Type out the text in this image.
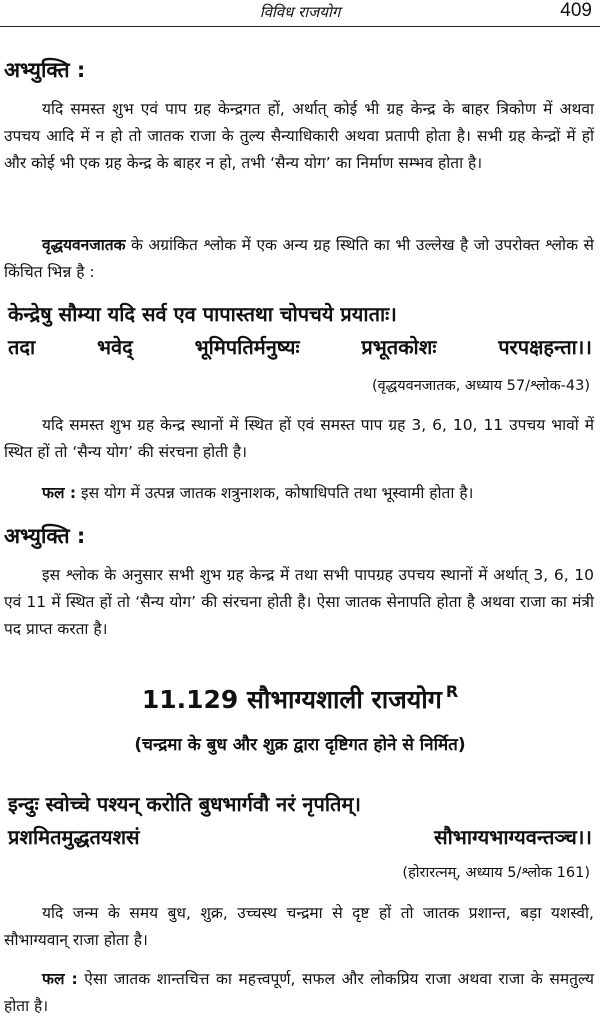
विविध राजयोग	409
अभ्युक्ति :
यदि समस्त शुभ एवं पाप ग्रह केन्द्रगत हों, अर्थात् कोई भी ग्रह केन्द्र के बाहर त्रिकोण में अथवा उपचय आदि में न हो तो जातक राजा के तुल्य सैन्याधिकारी अथवा प्रतापी होता है। सभी ग्रह केन्द्रों में हों और कोई भी एक ग्रह केन्द्र के बाहर न हो, तभी ‘सैन्य योग’ का निर्माण सम्भव होता है।
वृद्धयवनजातक के अग्रांकित श्लोक में एक अन्य ग्रह स्थिति का भी उल्लेख है जो उपरोक्त श्लोक से किंचित भिन्न है :
केन्द्रेषु सौम्या यदि सर्व एव पापास्तथा चोपचये प्रयाताः।
तदा	भवेद्	भूमिपतिर्मनुष्यः	प्रभूतकोशः	परपक्षहन्ता।।
(वृद्धयवनजातक, अध्याय 57/श्लोक-43)
यदि समस्त शुभ ग्रह केन्द्र स्थानों में स्थित हों एवं समस्त पाप ग्रह 3, 6, 10, 11 उपचय भावों में स्थित हों तो ‘सैन्य योग’ की संरचना होती है।
फल : इस योग में उत्पन्न जातक शत्रुनाशक, कोषाधिपति तथा भूस्वामी होता है।
अभ्युक्ति :
इस श्लोक के अनुसार सभी शुभ ग्रह केन्द्र में तथा सभी पापग्रह उपचय स्थानों में अर्थात् 3, 6, 10 एवं 11 में स्थित हों तो ‘सैन्य योग’ की संरचना होती है। ऐसा जातक सेनापति होता है अथवा राजा का मंत्री पद प्राप्त करता है।
11.129 सौभाग्यशाली राजयोग $^R$
(चन्द्रमा के बुध और शुक्र द्वारा दृष्टिगत होने से निर्मित)
इन्दुः स्वोच्चे पश्यन् करोति बुधभार्गवौ नरं नृपतिम्।
प्रशमितमुद्धतयशसं	सौभाग्यभाग्यवन्तञ्च।।
(होरारत्नम्, अध्याय 5/श्लोक 161)
यदि जन्म के समय बुध, शुक्र, उच्चस्थ चन्द्रमा से दृष्ट हों तो जातक प्रशान्त, बड़ा यशस्वी, सौभाग्यवान् राजा होता है।
फल : ऐसा जातक शान्तचित्त का महत्त्वपूर्ण, सफल और लोकप्रिय राजा अथवा राजा के समतुल्य होता है।
